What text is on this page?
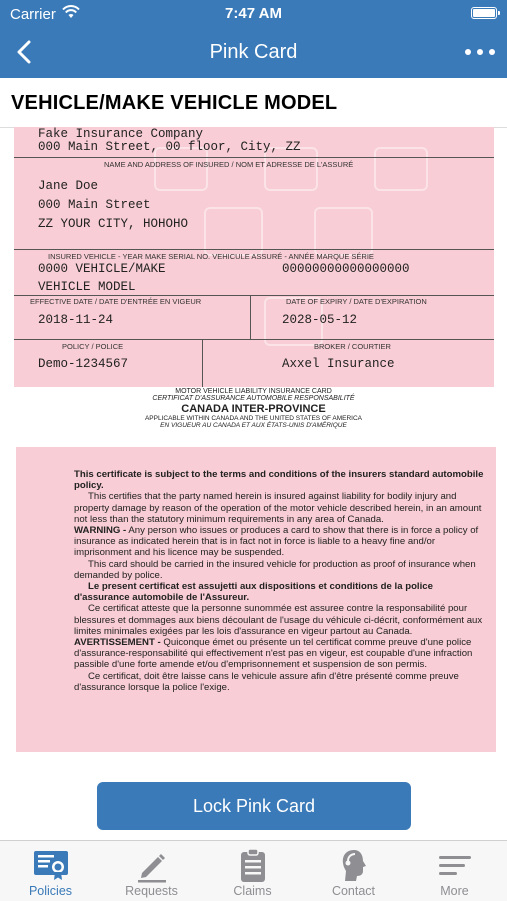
Carrier	7:47 AM
Pink Card
VEHICLE/MAKE VEHICLE MODEL
Fake Insurance Company
000 Main Street, 00 floor, City, ZZ
NAME AND ADDRESS OF INSURED / NOM ET ADRESSE DE L'ASSURÉ
Jane Doe
000 Main Street
ZZ YOUR CITY, HOHOHO
INSURED VEHICLE - YEAR MAKE SERIAL NO. VEHICULE ASSURÉ - ANNÉE MARQUE SÉRIE
0000 VEHICLE/MAKE	00000000000000000
VEHICLE MODEL
EFFECTIVE DATE / DATE D'ENTRÉE EN VIGEUR	DATE OF EXPIRY / DATE D'EXPIRATION
2018-11-24	2028-05-12
POLICY / POLICE	BROKER / COURTIER
Demo-1234567	Axxel Insurance
MOTOR VEHICLE LIABILITY INSURANCE CARD
CERTIFICAT D'ASSURANCE AUTOMOBILE RESPONSABILITÉ
CANADA INTER-PROVINCE
APPLICABLE WITHIN CANADA AND THE UNITED STATES OF AMERICA
EN VIGUEUR AU CANADA ET AUX ÉTATS-UNIS D'AMÉRIQUE

This certificate is subject to the terms and conditions of the insurers standard automobile policy.

This certifies that the party named herein is insured against liability for bodily injury and property damage by reason of the operation of the motor vehicle described herein, in an amount not less than the statutory minimum requirements in any area of Canada.

WARNING - Any person who issues or produces a card to show that there is in force a policy of insurance as indicated herein that is in fact not in force is liable to a heavy fine and/or imprisonment and his licence may be suspended.

This card should be carried in the insured vehicle for production as proof of insurance when demanded by police.

Le present certificat est assujetti aux dispositions et conditions de la police d'assurance automobile de l'Assureur.

Ce certificat atteste que la personne sunommée est assuree contre la responsabilité pour blessures et dommages aux biens découlant de l'usage du véhicule ci-décrit, conformément aux limites minimales exigées par les lois d'assurance en vigeur partout au Canada.

AVERTISSEMENT - Quiconque émet ou présente un tel certificat comme preuve d'une police d'assurance-responsabilité qui effectivement n'est pas en vigeur, est coupable d'une infraction passible d'une forte amende et/ou d'emprisonnement et suspension de son permis.

Ce certificat, doit être laisse cans le vehicule assure afin d'être présenté comme preuve d'assurance lorsque la police l'exige.

Lock Pink Card
Policies	Requests	Claims	Contact	More
